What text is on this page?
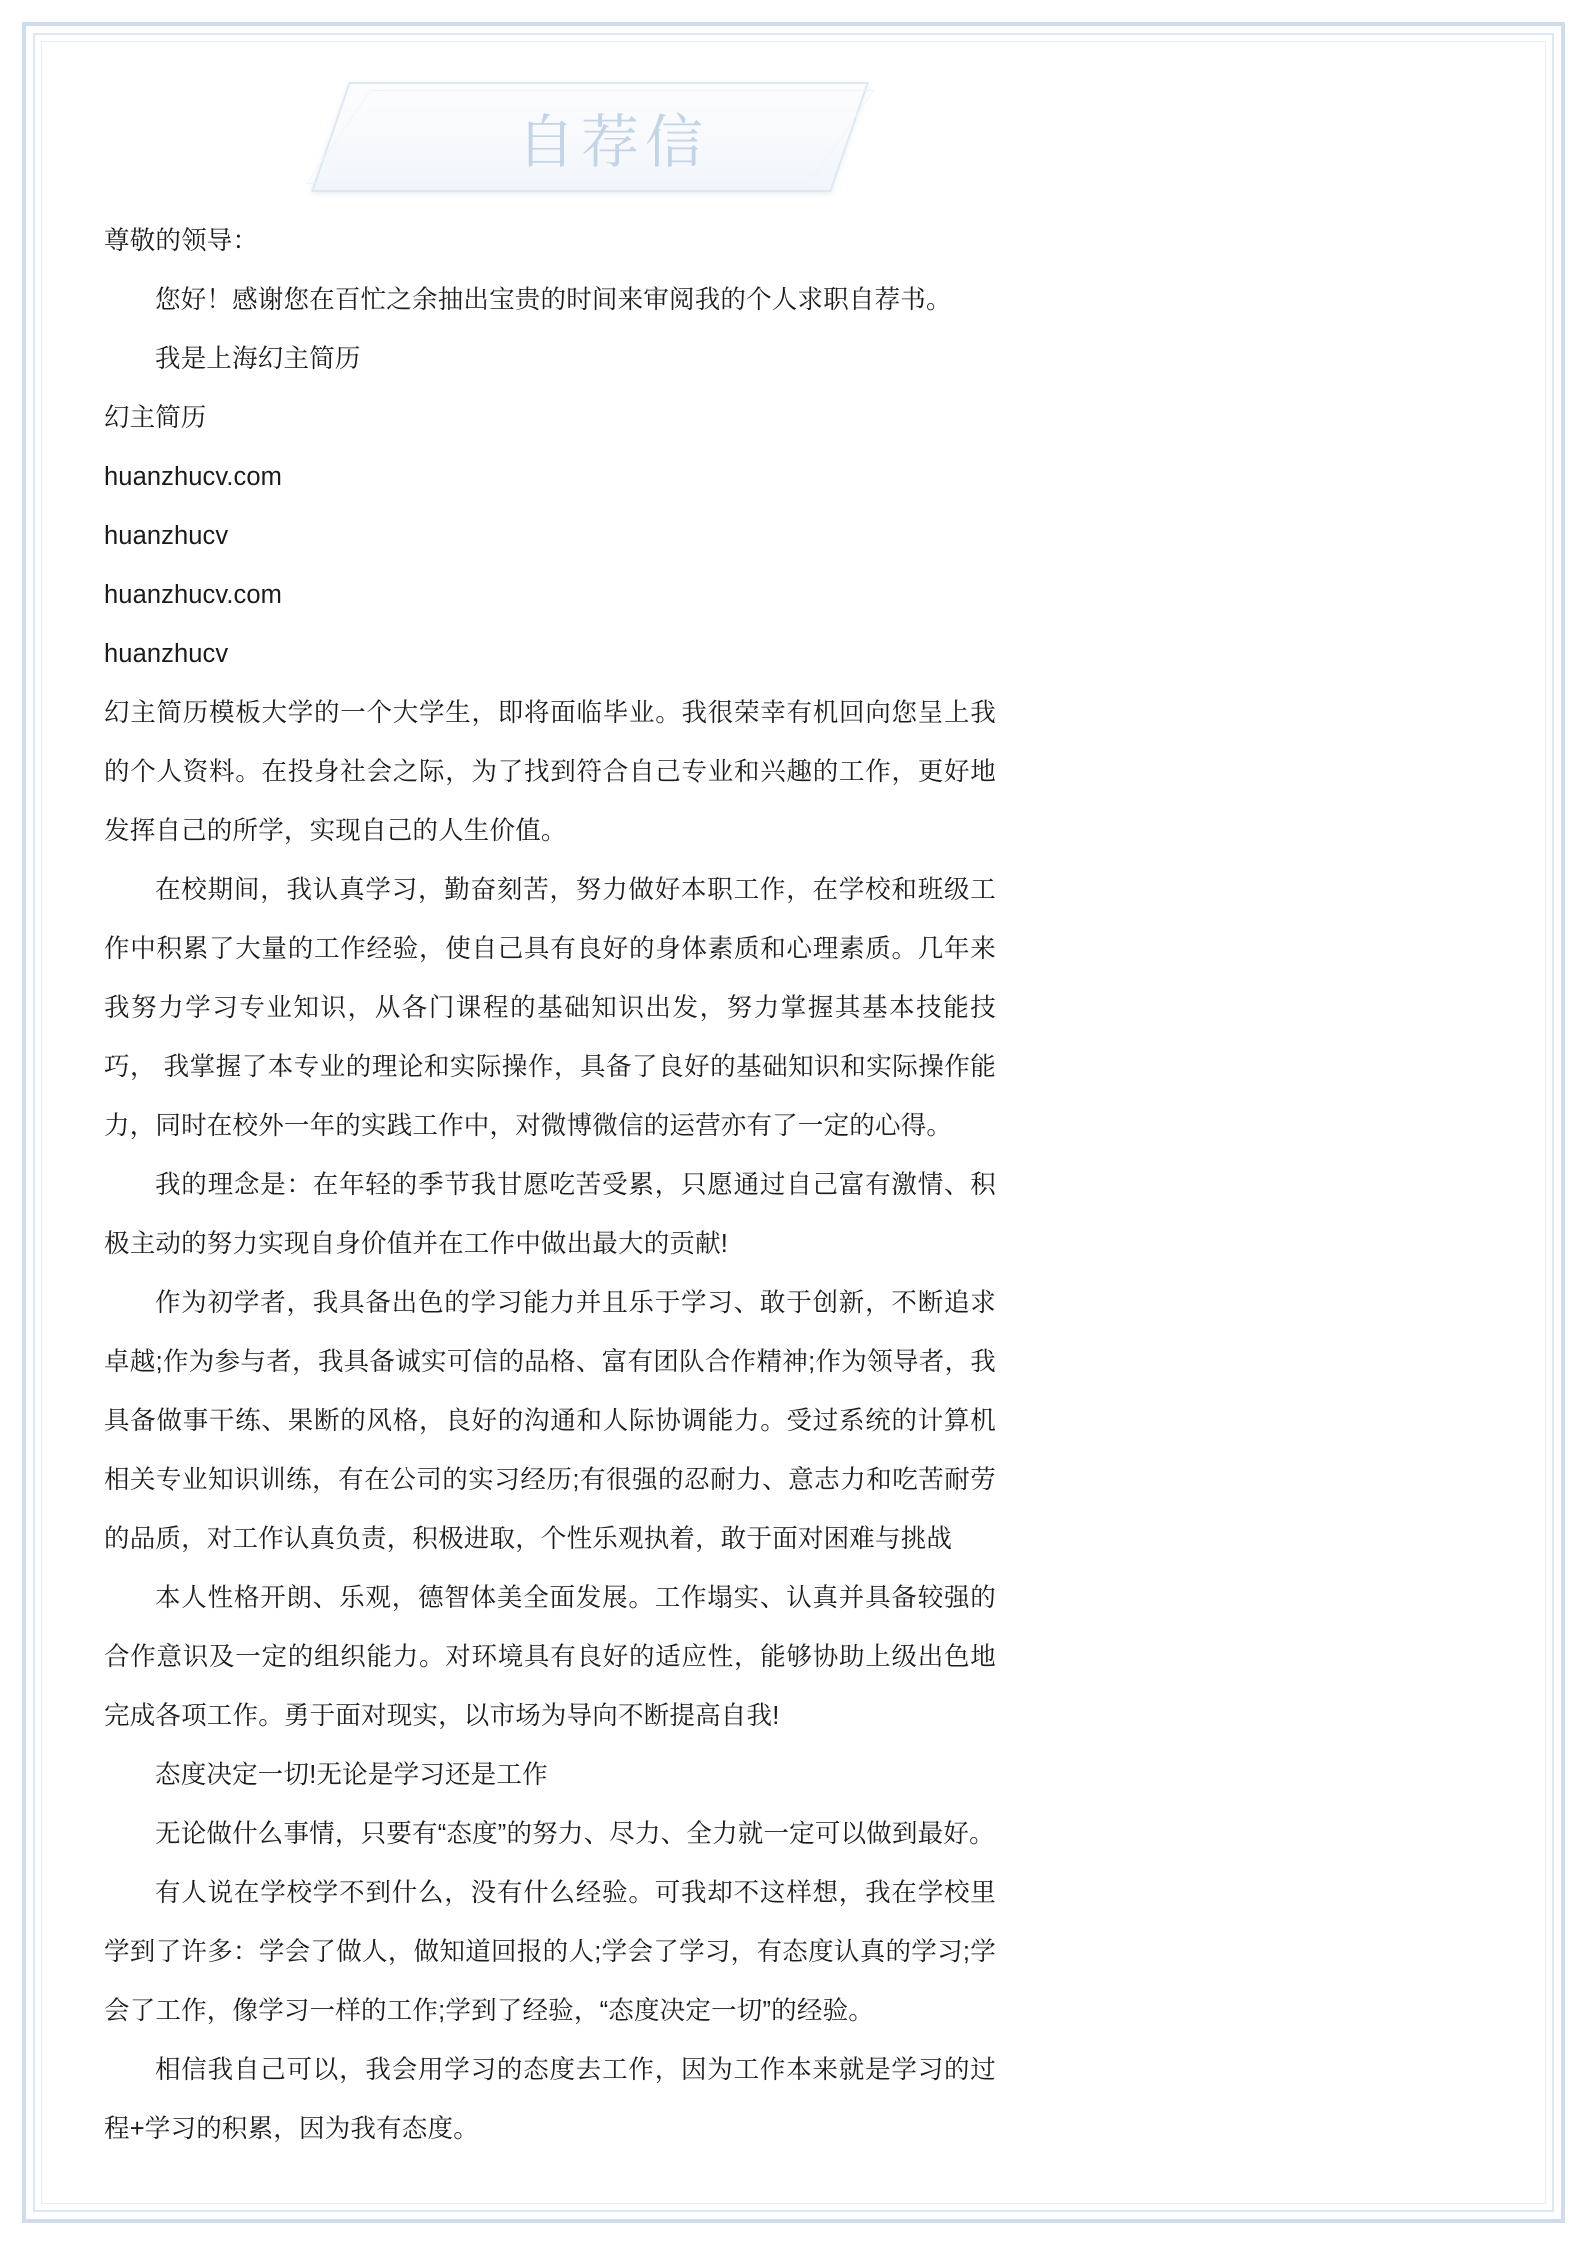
自荐信

尊敬的领导：

您好！感谢您在百忙之余抽出宝贵的时间来审阅我的个人求职自荐书。

我是上海幻主简历

幻主简历

huanzhucv.com

huanzhucv

huanzhucv.com

huanzhucv

幻主简历模板大学的一个大学生，即将面临毕业。我很荣幸有机回向您呈上我的个人资料。在投身社会之际，为了找到符合自己专业和兴趣的工作，更好地发挥自己的所学，实现自己的人生价值。

在校期间，我认真学习，勤奋刻苦，努力做好本职工作，在学校和班级工作中积累了大量的工作经验，使自己具有良好的身体素质和心理素质。几年来我努力学习专业知识，从各门课程的基础知识出发，努力掌握其基本技能技巧， 我掌握了本专业的理论和实际操作，具备了良好的基础知识和实际操作能力，同时在校外一年的实践工作中，对微博微信的运营亦有了一定的心得。

我的理念是：在年轻的季节我甘愿吃苦受累，只愿通过自己富有激情、积极主动的努力实现自身价值并在工作中做出最大的贡献!

作为初学者，我具备出色的学习能力并且乐于学习、敢于创新，不断追求卓越;作为参与者，我具备诚实可信的品格、富有团队合作精神;作为领导者，我具备做事干练、果断的风格，良好的沟通和人际协调能力。受过系统的计算机相关专业知识训练，有在公司的实习经历;有很强的忍耐力、意志力和吃苦耐劳的品质，对工作认真负责，积极进取，个性乐观执着，敢于面对困难与挑战

本人性格开朗、乐观，德智体美全面发展。工作塌实、认真并具备较强的合作意识及一定的组织能力。对环境具有良好的适应性，能够协助上级出色地完成各项工作。勇于面对现实，以市场为导向不断提高自我!

态度决定一切!无论是学习还是工作

无论做什么事情，只要有“态度”的努力、尽力、全力就一定可以做到最好。

有人说在学校学不到什么，没有什么经验。可我却不这样想，我在学校里学到了许多：学会了做人，做知道回报的人;学会了学习，有态度认真的学习;学会了工作，像学习一样的工作;学到了经验，“态度决定一切”的经验。

相信我自己可以，我会用学习的态度去工作，因为工作本来就是学习的过程+学习的积累，因为我有态度。
